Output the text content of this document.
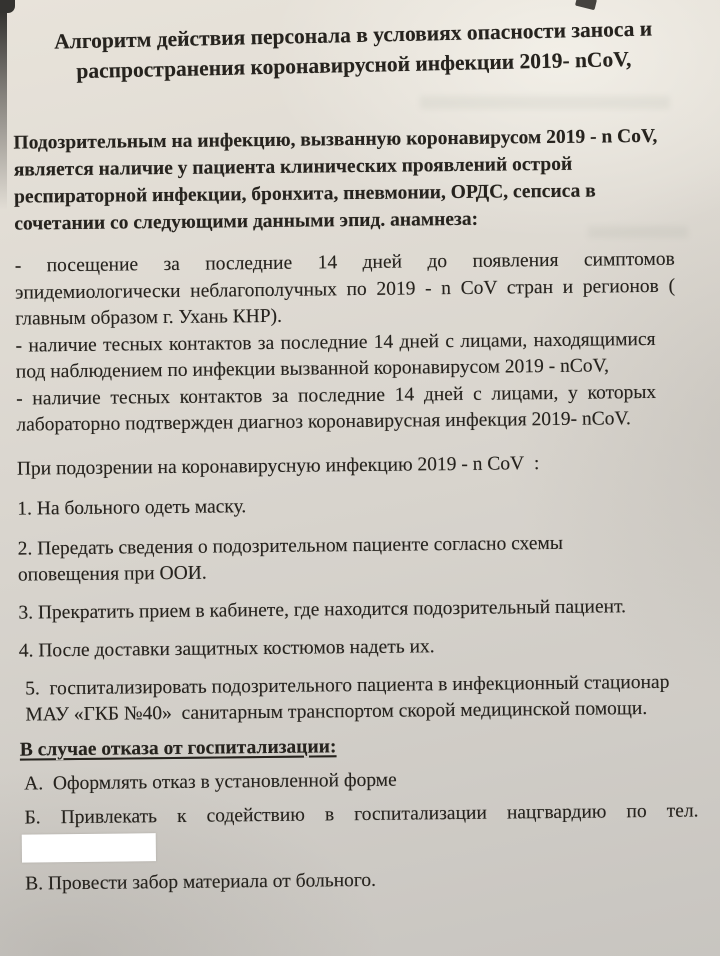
Алгоритм действия персонала в условиях опасности заноса и
распространения коронавирусной инфекции 2019- nCoV,

Подозрительным на инфекцию, вызванную коронавирусом 2019 - n CoV, является наличие у пациента клинических проявлений острой респираторной инфекции, бронхита, пневмонии, ОРДС, сепсиса в сочетании со следующими данными эпид. анамнеза:

- посещение за последние 14 дней до появления симптомов эпидемиологически неблагополучных по 2019 - n CoV стран и регионов ( главным образом г. Ухань КНР).

- наличие тесных контактов за последние 14 дней с лицами, находящимися под наблюдением по инфекции вызванной коронавирусом 2019 - nCoV,

- наличие тесных контактов за последние 14 дней с лицами, у которых лабораторно подтвержден диагноз коронавирусная инфекция 2019- nCoV.

При подозрении на коронавирусную инфекцию 2019 - n CoV  :

1. На больного одеть маску.

2. Передать сведения о подозрительном пациенте согласно схемы оповещения при ООИ.

3. Прекратить прием в кабинете, где находится подозрительный пациент.

4. После доставки защитных костюмов надеть их.

5.  госпитализировать подозрительного пациента в инфекционный стационар МАУ «ГКБ №40»  санитарным транспортом скорой медицинской помощи.

В случае отказа от госпитализации:

А.  Оформлять отказ в установленной форме

Б. Привлекать к содействию в госпитализации нацгвардию по тел.

В. Провести забор материала от больного.
